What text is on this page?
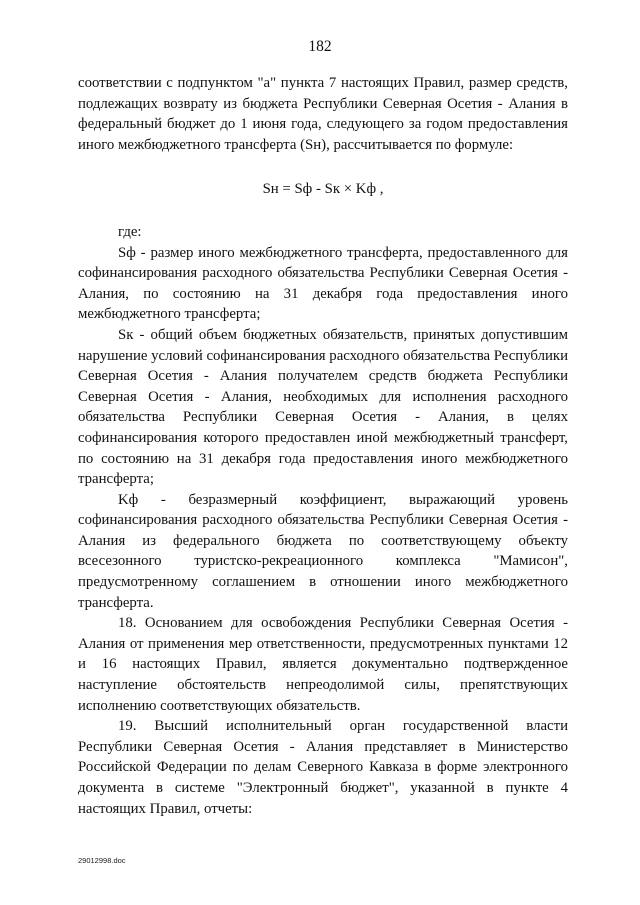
182

соответствии с подпунктом "а" пункта 7 настоящих Правил, размер средств, подлежащих возврату из бюджета Республики Северная Осетия - Алания в федеральный бюджет до 1 июня года, следующего за годом предоставления иного межбюджетного трансферта (Sн), рассчитывается по формуле:

Sн = Sф - Sк × Kф ,

где:

Sф - размер иного межбюджетного трансферта, предоставленного для софинансирования расходного обязательства Республики Северная Осетия - Алания, по состоянию на 31 декабря года предоставления иного межбюджетного трансферта;

Sк - общий объем бюджетных обязательств, принятых допустившим нарушение условий софинансирования расходного обязательства Республики Северная Осетия - Алания получателем средств бюджета Республики Северная Осетия - Алания, необходимых для исполнения расходного обязательства Республики Северная Осетия - Алания, в целях софинансирования которого предоставлен иной межбюджетный трансферт, по состоянию на 31 декабря года предоставления иного межбюджетного трансферта;

Kф - безразмерный коэффициент, выражающий уровень софинансирования расходного обязательства Республики Северная Осетия - Алания из федерального бюджета по соответствующему объекту всесезонного туристско-рекреационного комплекса "Мамисон", предусмотренному соглашением в отношении иного межбюджетного трансферта.

18. Основанием для освобождения Республики Северная Осетия - Алания от применения мер ответственности, предусмотренных пунктами 12 и 16 настоящих Правил, является документально подтвержденное наступление обстоятельств непреодолимой силы, препятствующих исполнению соответствующих обязательств.

19. Высший исполнительный орган государственной власти Республики Северная Осетия - Алания представляет в Министерство Российской Федерации по делам Северного Кавказа в форме электронного документа в системе "Электронный бюджет", указанной в пункте 4 настоящих Правил, отчеты:

29012998.doc
